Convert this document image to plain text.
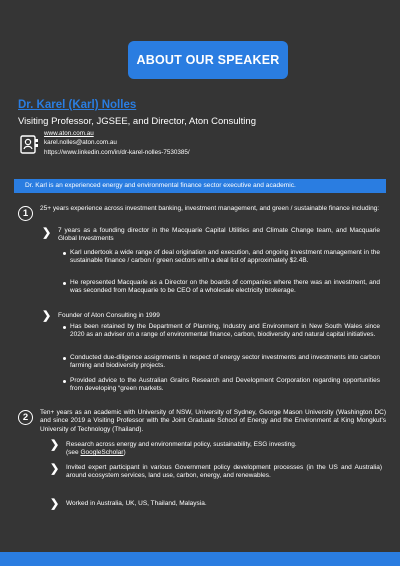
ABOUT OUR SPEAKER
Dr. Karel (Karl) Nolles
Visiting Professor, JGSEE, and Director, Aton Consulting
www.aton.com.au
karel.nolles@aton.com.au
https://www.linkedin.com/in/dr-karel-nolles-7530385/
Dr. Karl is an experienced energy and environmental finance sector executive and academic.
1 25+ years experience across investment banking, investment management, and green / sustainable finance including:
❯ 7 years as a founding director in the Macquarie Capital Utilities and Climate Change team, and Macquarie Global Investments
Karl undertook a wide range of deal origination and execution, and ongoing investment management in the sustainable finance / carbon / green sectors with a deal list of approximately $2.4B.
He represented Macquarie as a Director on the boards of companies where there was an investment, and was seconded from Macquarie to be CEO of a wholesale electricity brokerage.
❯ Founder of Aton Consulting in 1999
Has been retained by the Department of Planning, Industry and Environment in New South Wales since 2020 as an adviser on a range of environmental finance, carbon, biodiversity and natural capital initiatives.
Conducted due-diligence assignments in respect of energy sector investments and investments into carbon farming and biodiversity projects.
Provided advice to the Australian Grains Research and Development Corporation regarding opportunities from developing “green markets.
2 Ten+ years as an academic with University of NSW, University of Sydney, George Mason University (Washington DC) and since 2019 a Visiting Professor with the Joint Graduate School of Energy and the Environment at King Mongkut’s University of Technology (Thailand).
❯ Research across energy and environmental policy, sustainability, ESG investing.
(see GoogleScholar)
❯ Invited expert participant in various Government policy development processes (in the US and Australia) around ecosystem services, land use, carbon, energy, and renewables.
❯ Worked in Australia, UK, US, Thailand, Malaysia.
